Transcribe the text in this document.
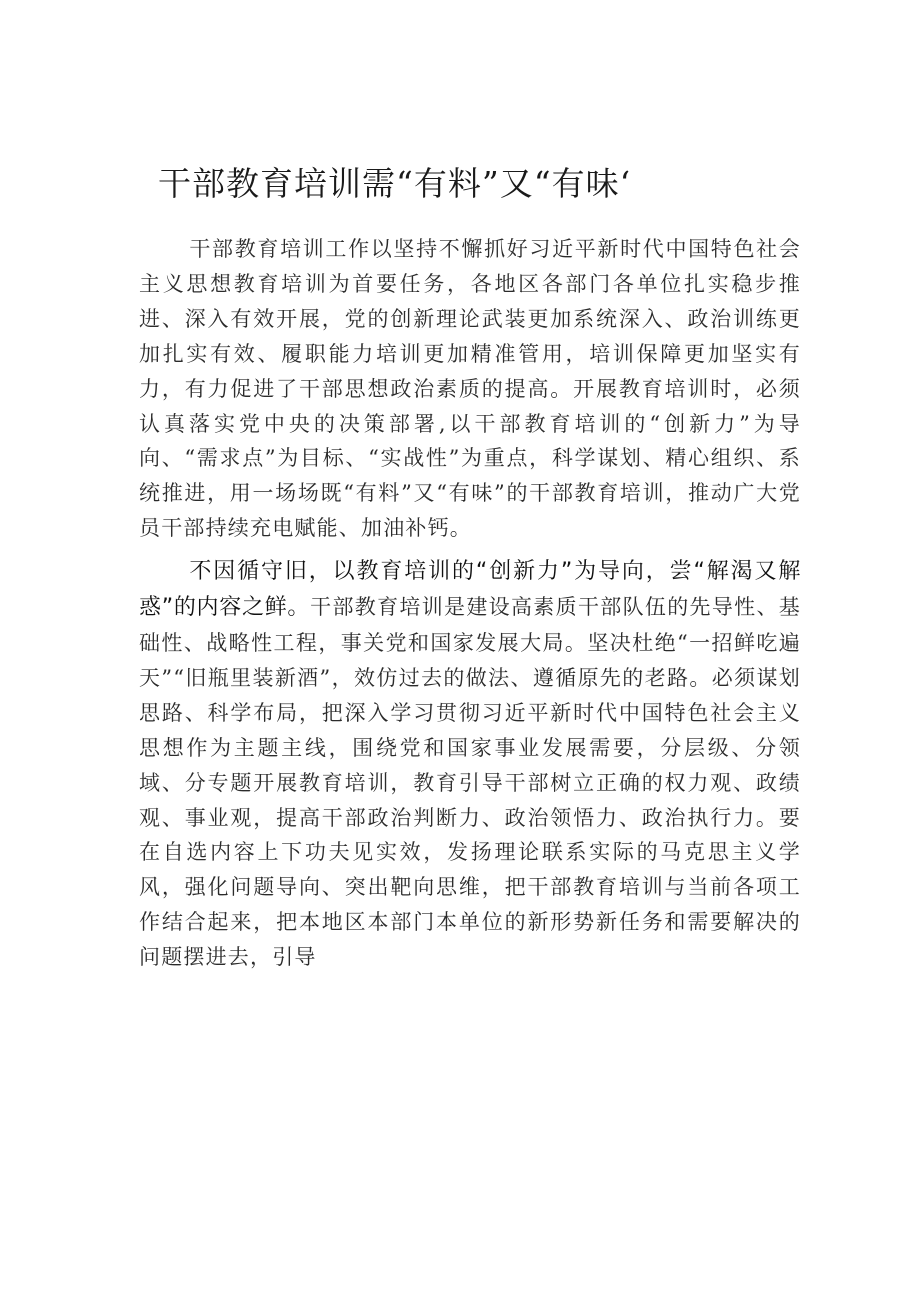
干部教育培训需“有料”又“有味‘

干部教育培训工作以坚持不懈抓好习近平新时代中国特色社会主义思想教育培训为首要任务，各地区各部门各单位扎实稳步推进、深入有效开展，党的创新理论武装更加系统深入、政治训练更加扎实有效、履职能力培训更加精准管用，培训保障更加坚实有力，有力促进了干部思想政治素质的提高。开展教育培训时，必须认真落实党中央的决策部署,以干部教育培训的“创新力”为导向、“需求点”为目标、“实战性”为重点，科学谋划、精心组织、系统推进，用一场场既“有料”又“有味”的干部教育培训，推动广大党员干部持续充电赋能、加油补钙。

不因循守旧，以教育培训的“创新力”为导向，尝“解渴又解惑”的内容之鲜。干部教育培训是建设高素质干部队伍的先导性、基础性、战略性工程，事关党和国家发展大局。坚决杜绝“一招鲜吃遍天”“旧瓶里装新酒”，效仿过去的做法、遵循原先的老路。必须谋划思路、科学布局，把深入学习贯彻习近平新时代中国特色社会主义思想作为主题主线，围绕党和国家事业发展需要，分层级、分领域、分专题开展教育培训，教育引导干部树立正确的权力观、政绩观、事业观，提高干部政治判断力、政治领悟力、政治执行力。要在自选内容上下功夫见实效，发扬理论联系实际的马克思主义学风，强化问题导向、突出靶向思维，把干部教育培训与当前各项工作结合起来，把本地区本部门本单位的新形势新任务和需要解决的问题摆进去，引导
